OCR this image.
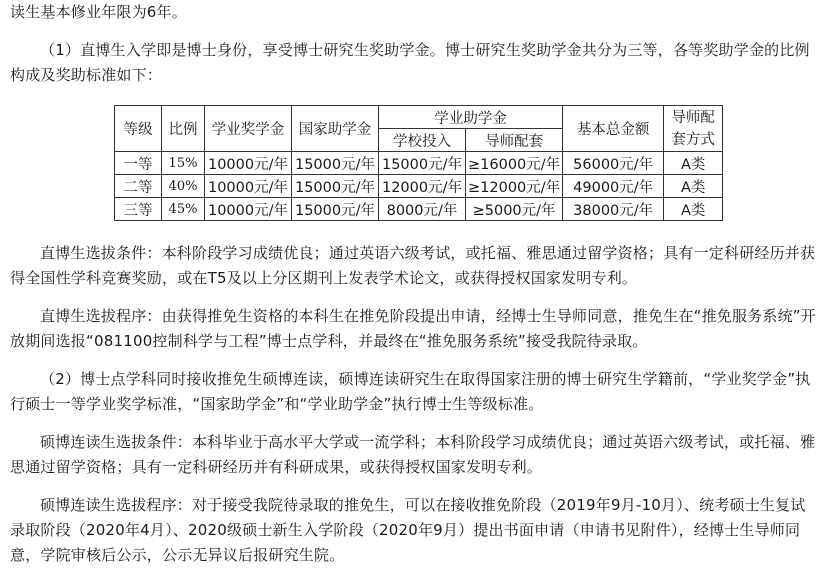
读生基本修业年限为6年。

（1）直博生入学即是博士身份，享受博士研究生奖助学金。博士研究生奖助学金共分为三等，各等奖助学金的比例构成及奖助标准如下：

直博生选拔条件：本科阶段学习成绩优良；通过英语六级考试，或托福、雅思通过留学资格；具有一定科研经历并获得全国性学科竞赛奖励，或在T5及以上分区期刊上发表学术论文，或获得授权国家发明专利。

直博生选拔程序：由获得推免生资格的本科生在推免阶段提出申请，经博士生导师同意，推免生在“推免服务系统”开放期间选报“081100控制科学与工程”博士点学科，并最终在“推免服务系统”接受我院待录取。

（2）博士点学科同时接收推免生硕博连读，硕博连读研究生在取得国家注册的博士研究生学籍前，“学业奖学金”执行硕士一等学业奖学标准，“国家助学金”和“学业助学金”执行博士生等级标准。

硕博连读生选拔条件：本科毕业于高水平大学或一流学科；本科阶段学习成绩优良；通过英语六级考试，或托福、雅思通过留学资格；具有一定科研经历并有科研成果，或获得授权国家发明专利。

硕博连读生选拔程序：对于接受我院待录取的推免生，可以在接收推免阶段（2019年9月-10月）、统考硕士生复试录取阶段（2020年4月）、2020级硕士新生入学阶段（2020年9月）提出书面申请（申请书见附件），经博士生导师同意，学院审核后公示，公示无异议后报研究生院。

等级	比例	学业奖学金	国家助学金	学业助学金		基本总金额	导师配套方式
				学校投入	导师配套		
一等	15%	10000元/年	15000元/年	15000元/年	≥16000元/年	56000元/年	A类
二等	40%	10000元/年	15000元/年	12000元/年	≥12000元/年	49000元/年	A类
三等	45%	10000元/年	15000元/年	8000元/年	≥5000元/年	38000元/年	A类
